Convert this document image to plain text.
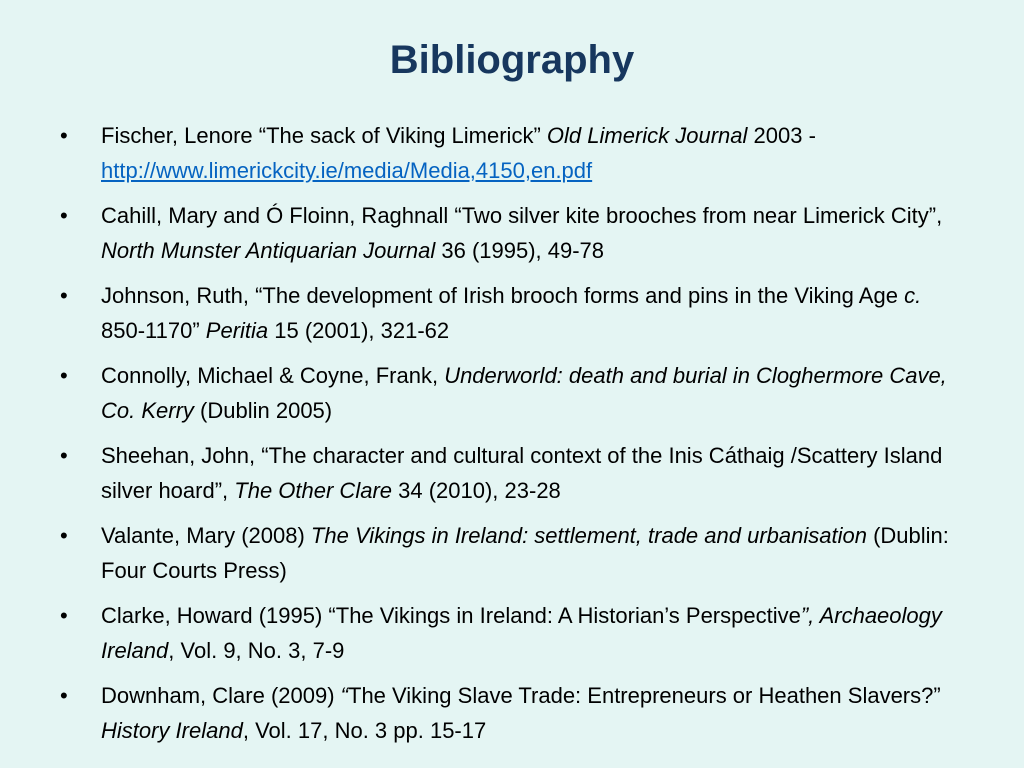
Bibliography
•	Fischer, Lenore “The sack of Viking Limerick” Old Limerick Journal 2003 - http://www.limerickcity.ie/media/Media,4150,en.pdf
•	Cahill, Mary and Ó Floinn, Raghnall “Two silver kite brooches from near Limerick City”, North Munster Antiquarian Journal 36 (1995), 49-78
•	Johnson, Ruth, “The development of Irish brooch forms and pins in the Viking Age c. 850-1170” Peritia 15 (2001), 321-62
•	Connolly, Michael & Coyne, Frank, Underworld: death and burial in Cloghermore Cave, Co. Kerry (Dublin 2005)
•	Sheehan, John, “The character and cultural context of the Inis Cáthaig /Scattery Island silver hoard”, The Other Clare 34 (2010), 23-28
•	Valante, Mary (2008) The Vikings in Ireland: settlement, trade and urbanisation (Dublin: Four Courts Press)
•	Clarke, Howard (1995) “The Vikings in Ireland: A Historian’s Perspective”, Archaeology Ireland, Vol. 9, No. 3, 7-9
•	Downham, Clare (2009) “The Viking Slave Trade: Entrepreneurs or Heathen Slavers?” History Ireland, Vol. 17, No. 3 pp. 15-17
